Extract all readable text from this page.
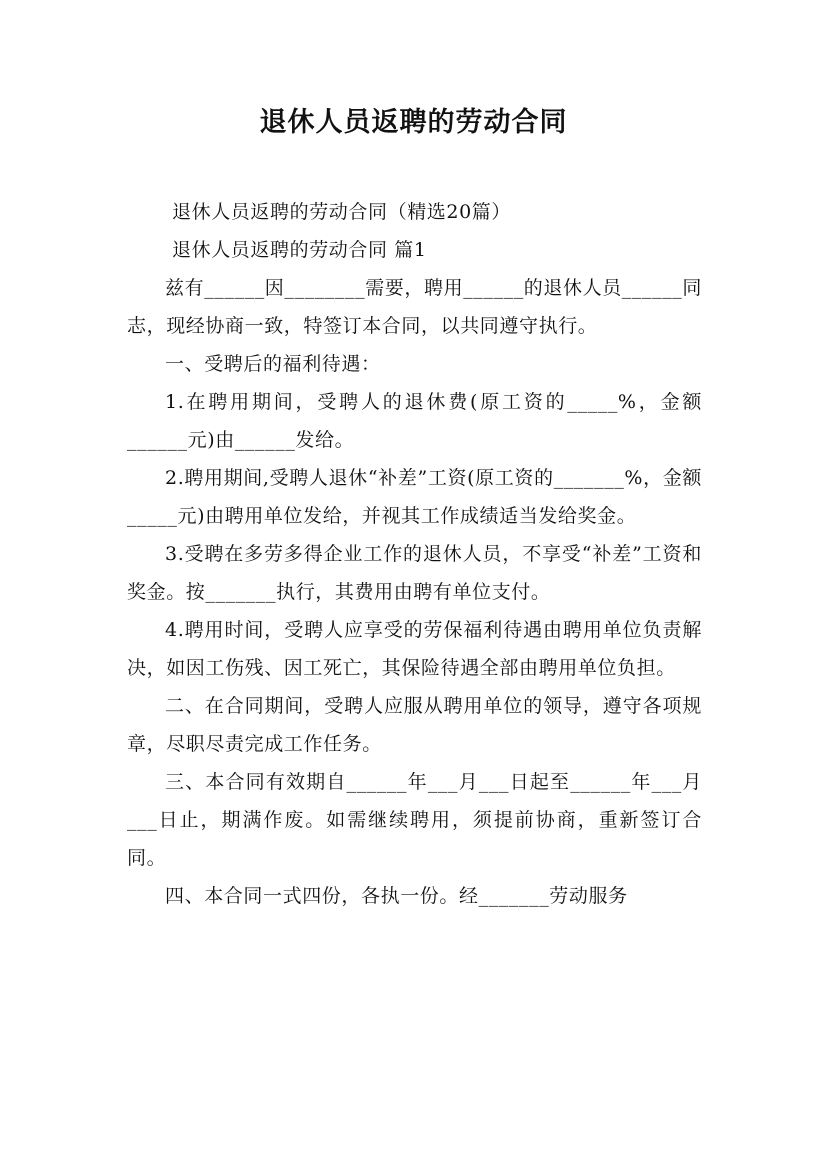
退休人员返聘的劳动合同
退休人员返聘的劳动合同（精选20篇）
退休人员返聘的劳动合同 篇1

兹有______因________需要，聘用______的退休人员______同志，现经协商一致，特签订本合同，以共同遵守执行。

一、受聘后的福利待遇：

1.在聘用期间，受聘人的退休费(原工资的_____%，金额______元)由______发给。

2.聘用期间,受聘人退休“补差”工资(原工资的_______%，金额_____元)由聘用单位发给，并视其工作成绩适当发给奖金。

3.受聘在多劳多得企业工作的退休人员，不享受“补差”工资和奖金。按_______执行，其费用由聘有单位支付。

4.聘用时间，受聘人应享受的劳保福利待遇由聘用单位负责解决，如因工伤残、因工死亡，其保险待遇全部由聘用单位负担。

二、在合同期间，受聘人应服从聘用单位的领导，遵守各项规章，尽职尽责完成工作任务。

三、本合同有效期自______年___月___日起至______年___月___日止，期满作废。如需继续聘用，须提前协商，重新签订合同。

四、本合同一式四份，各执一份。经_______劳动服务
